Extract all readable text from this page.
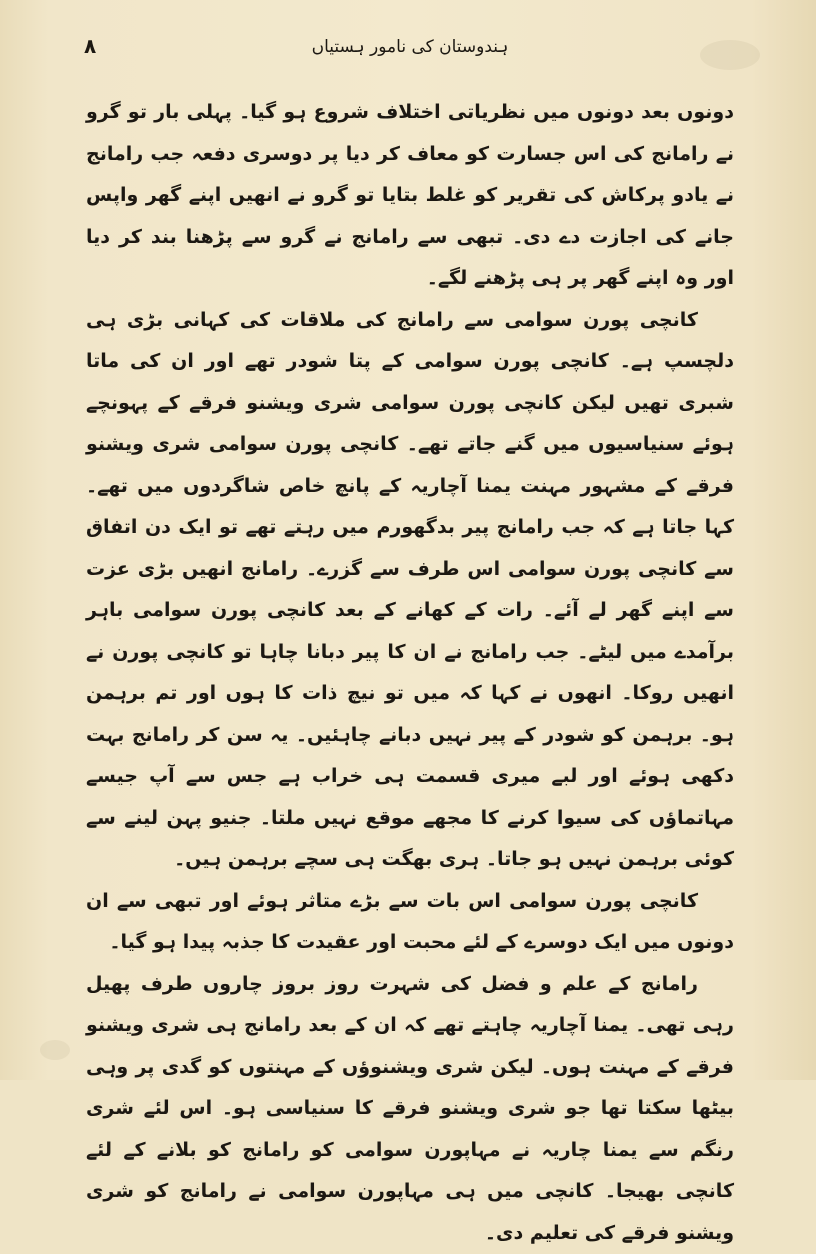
۸	ہندوستان کی نامور ہستیاں

دونوں بعد دونوں میں نظریاتی اختلاف شروع ہو گیا۔ پہلی بار تو گرو نے رامانج کی اس جسارت کو معاف کر دیا پر دوسری دفعہ جب رامانج نے یادو پرکاش کی تقریر کو غلط بتایا تو گرو نے انھیں اپنے گھر واپس جانے کی اجازت دے دی۔ تبھی سے رامانج نے گرو سے پڑھنا بند کر دیا اور وہ اپنے گھر پر ہی پڑھنے لگے۔

کانچی پورن سوامی سے رامانج کی ملاقات کی کہانی بڑی ہی دلچسپ ہے۔ کانچی پورن سوامی کے پتا شودر تھے اور ان کی ماتا شبری تھیں لیکن کانچی پورن سوامی شری ویشنو فرقے کے پہونچے ہوئے سنیاسیوں میں گنے جاتے تھے۔ کانچی پورن سوامی شری ویشنو فرقے کے مشہور مہنت یمنا آچاریہ کے پانچ خاص شاگردوں میں تھے۔ کہا جاتا ہے کہ جب رامانج پیر بدگھورم میں رہتے تھے تو ایک دن اتفاق سے کانچی پورن سوامی اس طرف سے گزرے۔ رامانج انھیں بڑی عزت سے اپنے گھر لے آئے۔ رات کے کھانے کے بعد کانچی پورن سوامی باہر برآمدے میں لیٹے۔ جب رامانج نے ان کا پیر دبانا چاہا تو کانچی پورن نے انھیں روکا۔ انھوں نے کہا کہ میں تو نیچ ذات کا ہوں اور تم برہمن ہو۔ برہمن کو شودر کے پیر نہیں دبانے چاہئیں۔ یہ سن کر رامانج بہت دکھی ہوئے اور لبے میری قسمت ہی خراب ہے جس سے آپ جیسے مہاتماؤں کی سیوا کرنے کا مجھے موقع نہیں ملتا۔ جنیو پہن لینے سے کوئی برہمن نہیں ہو جاتا۔ ہری بھگت ہی سچے برہمن ہیں۔

کانچی پورن سوامی اس بات سے بڑے متاثر ہوئے اور تبھی سے ان دونوں میں ایک دوسرے کے لئے محبت اور عقیدت کا جذبہ پیدا ہو گیا۔

رامانج کے علم و فضل کی شہرت روز بروز چاروں طرف پھیل رہی تھی۔ یمنا آچاریہ چاہتے تھے کہ ان کے بعد رامانج ہی شری ویشنو فرقے کے مہنت ہوں۔ لیکن شری ویشنوؤں کے مہنتوں کو گدی پر وہی بیٹھا سکتا تھا جو شری ویشنو فرقے کا سنیاسی ہو۔ اس لئے شری رنگم سے یمنا چاریہ نے مہاپورن سوامی کو رامانج کو بلانے کے لئے کانچی بھیجا۔ کانچی میں ہی مہاپورن سوامی نے رامانج کو شری ویشنو فرقے کی تعلیم دی۔
